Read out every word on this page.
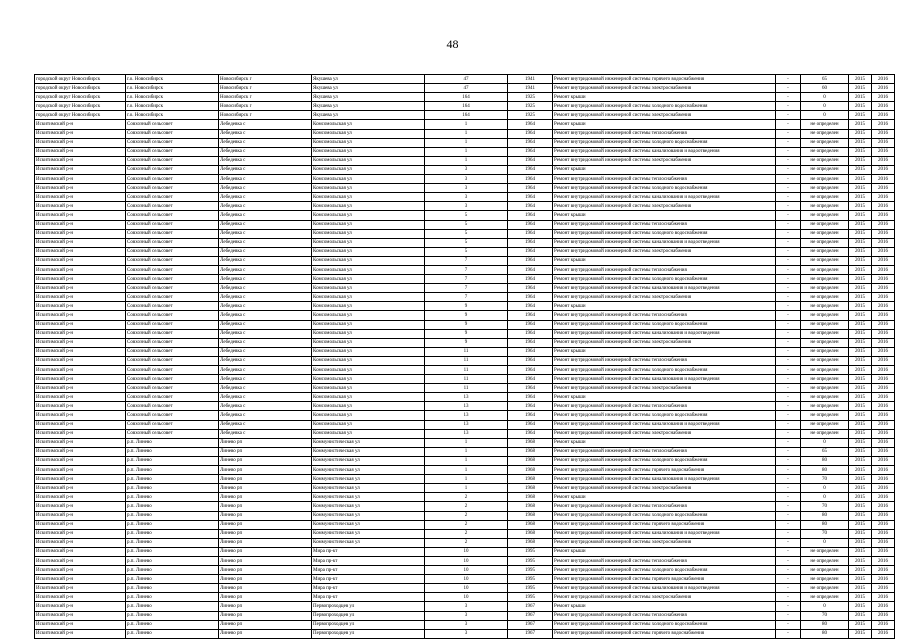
48
городской округ Новосибирск	г.о. Новосибирск	Новосибирск г	Якушева ул	47	1941	Ремонт внутридомовой инженерной системы горячего водоснабжения	-	65	2015	2016
городской округ Новосибирск	г.о. Новосибирск	Новосибирск г	Якушева ул	47	1941	Ремонт внутридомовой инженерной системы электроснабжения	-	60	2015	2016
городской округ Новосибирск	г.о. Новосибирск	Новосибирск г	Якушева ул	164	1925	Ремонт крыши	-	0	2015	2016
городской округ Новосибирск	г.о. Новосибирск	Новосибирск г	Якушева ул	164	1925	Ремонт внутридомовой инженерной системы холодного водоснабжения	-	0	2015	2016
городской округ Новосибирск	г.о. Новосибирск	Новосибирск г	Якушева ул	164	1925	Ремонт внутридомовой инженерной системы электроснабжения	-	0	2015	2016
Искитимский р-н	Совхозный сельсовет	Лебедевка с	Комсомольская ул	1	1964	Ремонт крыши	-	не определен	2015	2016
Искитимский р-н	Совхозный сельсовет	Лебедевка с	Комсомольская ул	1	1964	Ремонт внутридомовой инженерной системы теплоснабжения	-	не определен	2015	2016
Искитимский р-н	Совхозный сельсовет	Лебедевка с	Комсомольская ул	1	1964	Ремонт внутридомовой инженерной системы холодного водоснабжения	-	не определен	2015	2016
Искитимский р-н	Совхозный сельсовет	Лебедевка с	Комсомольская ул	1	1964	Ремонт внутридомовой инженерной системы канализования и водоотведения	-	не определен	2015	2016
Искитимский р-н	Совхозный сельсовет	Лебедевка с	Комсомольская ул	1	1964	Ремонт внутридомовой инженерной системы электроснабжения	-	не определен	2015	2016
Искитимский р-н	Совхозный сельсовет	Лебедевка с	Комсомольская ул	3	1964	Ремонт крыши	-	не определен	2015	2016
Искитимский р-н	Совхозный сельсовет	Лебедевка с	Комсомольская ул	3	1964	Ремонт внутридомовой инженерной системы теплоснабжения	-	не определен	2015	2016
Искитимский р-н	Совхозный сельсовет	Лебедевка с	Комсомольская ул	3	1964	Ремонт внутридомовой инженерной системы холодного водоснабжения	-	не определен	2015	2016
Искитимский р-н	Совхозный сельсовет	Лебедевка с	Комсомольская ул	3	1964	Ремонт внутридомовой инженерной системы канализования и водоотведения	-	не определен	2015	2016
Искитимский р-н	Совхозный сельсовет	Лебедевка с	Комсомольская ул	3	1964	Ремонт внутридомовой инженерной системы электроснабжения	-	не определен	2015	2016
Искитимский р-н	Совхозный сельсовет	Лебедевка с	Комсомольская ул	5	1964	Ремонт крыши	-	не определен	2015	2016
Искитимский р-н	Совхозный сельсовет	Лебедевка с	Комсомольская ул	5	1964	Ремонт внутридомовой инженерной системы теплоснабжения	-	не определен	2015	2016
Искитимский р-н	Совхозный сельсовет	Лебедевка с	Комсомольская ул	5	1964	Ремонт внутридомовой инженерной системы холодного водоснабжения	-	не определен	2015	2016
Искитимский р-н	Совхозный сельсовет	Лебедевка с	Комсомольская ул	5	1964	Ремонт внутридомовой инженерной системы канализования и водоотведения	-	не определен	2015	2016
Искитимский р-н	Совхозный сельсовет	Лебедевка с	Комсомольская ул	5	1964	Ремонт внутридомовой инженерной системы электроснабжения	-	не определен	2015	2016
Искитимский р-н	Совхозный сельсовет	Лебедевка с	Комсомольская ул	7	1964	Ремонт крыши	-	не определен	2015	2016
Искитимский р-н	Совхозный сельсовет	Лебедевка с	Комсомольская ул	7	1964	Ремонт внутридомовой инженерной системы теплоснабжения	-	не определен	2015	2016
Искитимский р-н	Совхозный сельсовет	Лебедевка с	Комсомольская ул	7	1964	Ремонт внутридомовой инженерной системы холодного водоснабжения	-	не определен	2015	2016
Искитимский р-н	Совхозный сельсовет	Лебедевка с	Комсомольская ул	7	1964	Ремонт внутридомовой инженерной системы канализования и водоотведения	-	не определен	2015	2016
Искитимский р-н	Совхозный сельсовет	Лебедевка с	Комсомольская ул	7	1964	Ремонт внутридомовой инженерной системы электроснабжения	-	не определен	2015	2016
Искитимский р-н	Совхозный сельсовет	Лебедевка с	Комсомольская ул	9	1964	Ремонт крыши	-	не определен	2015	2016
Искитимский р-н	Совхозный сельсовет	Лебедевка с	Комсомольская ул	9	1964	Ремонт внутридомовой инженерной системы теплоснабжения	-	не определен	2015	2016
Искитимский р-н	Совхозный сельсовет	Лебедевка с	Комсомольская ул	9	1964	Ремонт внутридомовой инженерной системы холодного водоснабжения	-	не определен	2015	2016
Искитимский р-н	Совхозный сельсовет	Лебедевка с	Комсомольская ул	9	1964	Ремонт внутридомовой инженерной системы канализования и водоотведения	-	не определен	2015	2016
Искитимский р-н	Совхозный сельсовет	Лебедевка с	Комсомольская ул	9	1964	Ремонт внутридомовой инженерной системы электроснабжения	-	не определен	2015	2016
Искитимский р-н	Совхозный сельсовет	Лебедевка с	Комсомольская ул	11	1964	Ремонт крыши	-	не определен	2015	2016
Искитимский р-н	Совхозный сельсовет	Лебедевка с	Комсомольская ул	11	1964	Ремонт внутридомовой инженерной системы теплоснабжения	-	не определен	2015	2016
Искитимский р-н	Совхозный сельсовет	Лебедевка с	Комсомольская ул	11	1964	Ремонт внутридомовой инженерной системы холодного водоснабжения	-	не определен	2015	2016
Искитимский р-н	Совхозный сельсовет	Лебедевка с	Комсомольская ул	11	1964	Ремонт внутридомовой инженерной системы канализования и водоотведения	-	не определен	2015	2016
Искитимский р-н	Совхозный сельсовет	Лебедевка с	Комсомольская ул	11	1964	Ремонт внутридомовой инженерной системы электроснабжения	-	не определен	2015	2016
Искитимский р-н	Совхозный сельсовет	Лебедевка с	Комсомольская ул	13	1964	Ремонт крыши	-	не определен	2015	2016
Искитимский р-н	Совхозный сельсовет	Лебедевка с	Комсомольская ул	13	1964	Ремонт внутридомовой инженерной системы теплоснабжения	-	не определен	2015	2016
Искитимский р-н	Совхозный сельсовет	Лебедевка с	Комсомольская ул	13	1964	Ремонт внутридомовой инженерной системы холодного водоснабжения	-	не определен	2015	2016
Искитимский р-н	Совхозный сельсовет	Лебедевка с	Комсомольская ул	13	1964	Ремонт внутридомовой инженерной системы канализования и водоотведения	-	не определен	2015	2016
Искитимский р-н	Совхозный сельсовет	Лебедевка с	Комсомольская ул	13	1964	Ремонт внутридомовой инженерной системы электроснабжения	-	не определен	2015	2016
Искитимский р-н	р.п. Линево	Линево рп	Коммунистическая ул	1	1968	Ремонт крыши	-	0	2015	2016
Искитимский р-н	р.п. Линево	Линево рп	Коммунистическая ул	1	1968	Ремонт внутридомовой инженерной системы теплоснабжения	-	65	2015	2016
Искитимский р-н	р.п. Линево	Линево рп	Коммунистическая ул	1	1968	Ремонт внутридомовой инженерной системы холодного водоснабжения	-	80	2015	2016
Искитимский р-н	р.п. Линево	Линево рп	Коммунистическая ул	1	1968	Ремонт внутридомовой инженерной системы горячего водоснабжения	-	80	2015	2016
Искитимский р-н	р.п. Линево	Линево рп	Коммунистическая ул	1	1968	Ремонт внутридомовой инженерной системы канализования и водоотведения	-	70	2015	2016
Искитимский р-н	р.п. Линево	Линево рп	Коммунистическая ул	1	1968	Ремонт внутридомовой инженерной системы электроснабжения	-	0	2015	2016
Искитимский р-н	р.п. Линево	Линево рп	Коммунистическая ул	2	1968	Ремонт крыши	-	0	2015	2016
Искитимский р-н	р.п. Линево	Линево рп	Коммунистическая ул	2	1968	Ремонт внутридомовой инженерной системы теплоснабжения	-	70	2015	2016
Искитимский р-н	р.п. Линево	Линево рп	Коммунистическая ул	2	1968	Ремонт внутридомовой инженерной системы холодного водоснабжения	-	80	2015	2016
Искитимский р-н	р.п. Линево	Линево рп	Коммунистическая ул	2	1968	Ремонт внутридомовой инженерной системы горячего водоснабжения	-	80	2015	2016
Искитимский р-н	р.п. Линево	Линево рп	Коммунистическая ул	2	1968	Ремонт внутридомовой инженерной системы канализования и водоотведения	-	70	2015	2016
Искитимский р-н	р.п. Линево	Линево рп	Коммунистическая ул	2	1968	Ремонт внутридомовой инженерной системы электроснабжения	-	0	2015	2016
Искитимский р-н	р.п. Линево	Линево рп	Мира пр-кт	10	1995	Ремонт крыши	-	не определен	2015	2016
Искитимский р-н	р.п. Линево	Линево рп	Мира пр-кт	10	1995	Ремонт внутридомовой инженерной системы теплоснабжения	-	не определен	2015	2016
Искитимский р-н	р.п. Линево	Линево рп	Мира пр-кт	10	1995	Ремонт внутридомовой инженерной системы холодного водоснабжения	-	не определен	2015	2016
Искитимский р-н	р.п. Линево	Линево рп	Мира пр-кт	10	1995	Ремонт внутридомовой инженерной системы горячего водоснабжения	-	не определен	2015	2016
Искитимский р-н	р.п. Линево	Линево рп	Мира пр-кт	10	1995	Ремонт внутридомовой инженерной системы канализования и водоотведения	-	не определен	2015	2016
Искитимский р-н	р.п. Линево	Линево рп	Мира пр-кт	10	1995	Ремонт внутридомовой инженерной системы электроснабжения	-	не определен	2015	2016
Искитимский р-н	р.п. Линево	Линево рп	Первопроходцев ул	3	1967	Ремонт крыши	-	0	2015	2016
Искитимский р-н	р.п. Линево	Линево рп	Первопроходцев ул	3	1967	Ремонт внутридомовой инженерной системы теплоснабжения	-	70	2015	2016
Искитимский р-н	р.п. Линево	Линево рп	Первопроходцев ул	3	1967	Ремонт внутридомовой инженерной системы холодного водоснабжения	-	80	2015	2016
Искитимский р-н	р.п. Линево	Линево рп	Первопроходцев ул	3	1967	Ремонт внутридомовой инженерной системы горячего водоснабжения	-	80	2015	2016
